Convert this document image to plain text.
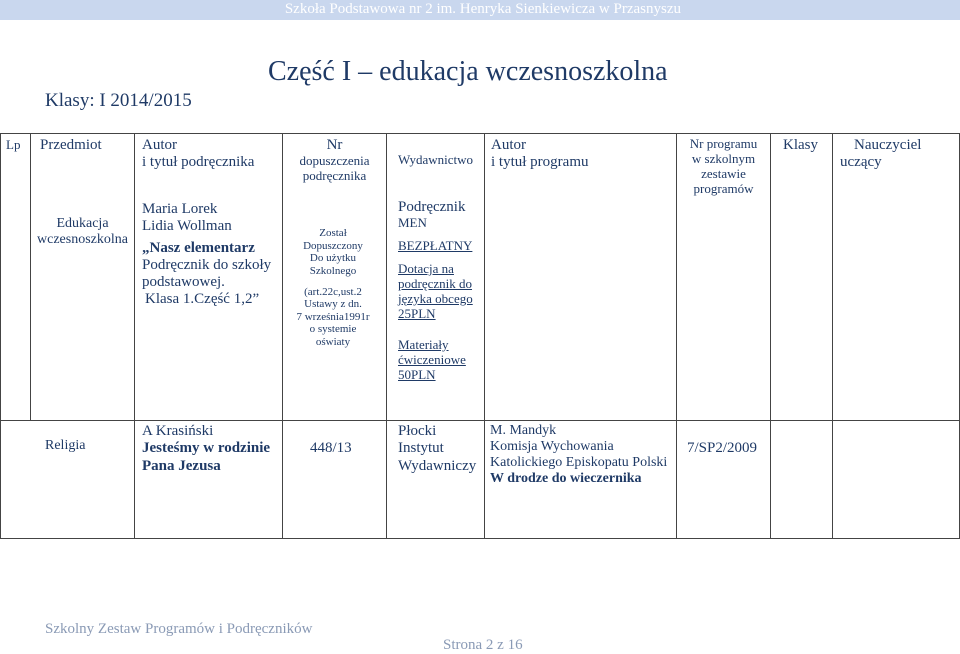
Szkoła Podstawowa nr 2 im. Henryka Sienkiewicza w Przasnyszu
Część I – edukacja wczesnoszkolna
Klasy: I 2014/2015
Lp Przedmiot	Autor
i tytuł podręcznika
Nr
dopuszczenia
podręcznika
Wydawnictwo
Autor
i tytuł programu
Nr programu
w szkolnym
zestawie
programów
Klasy	Nauczyciel
uczący
Edukacja
wczesnoszkolna
Maria Lorek
Lidia Wollman
„Nasz elementarz
Podręcznik do szkoły
podstawowej.
Klasa 1.Część 1,2”
Został
Dopuszczony
Do użytku
Szkolnego
(art.22c,ust.2
Ustawy z dn.
7 września1991r
o systemie
oświaty
Podręcznik
MEN
BEZPŁATNY
Dotacja na
podręcznik do
języka obcego
25PLN
Materiały
ćwiczeniowe
50PLN
Religia
A Krasiński
Jesteśmy w rodzinie
Pana Jezusa
448/13
Płocki
Instytut
Wydawniczy
M. Mandyk
Komisja Wychowania
Katolickiego Episkopatu Polski
W drodze do wieczernika
7/SP2/2009
Szkolny Zestaw Programów i Podręczników
Strona 2 z 16
